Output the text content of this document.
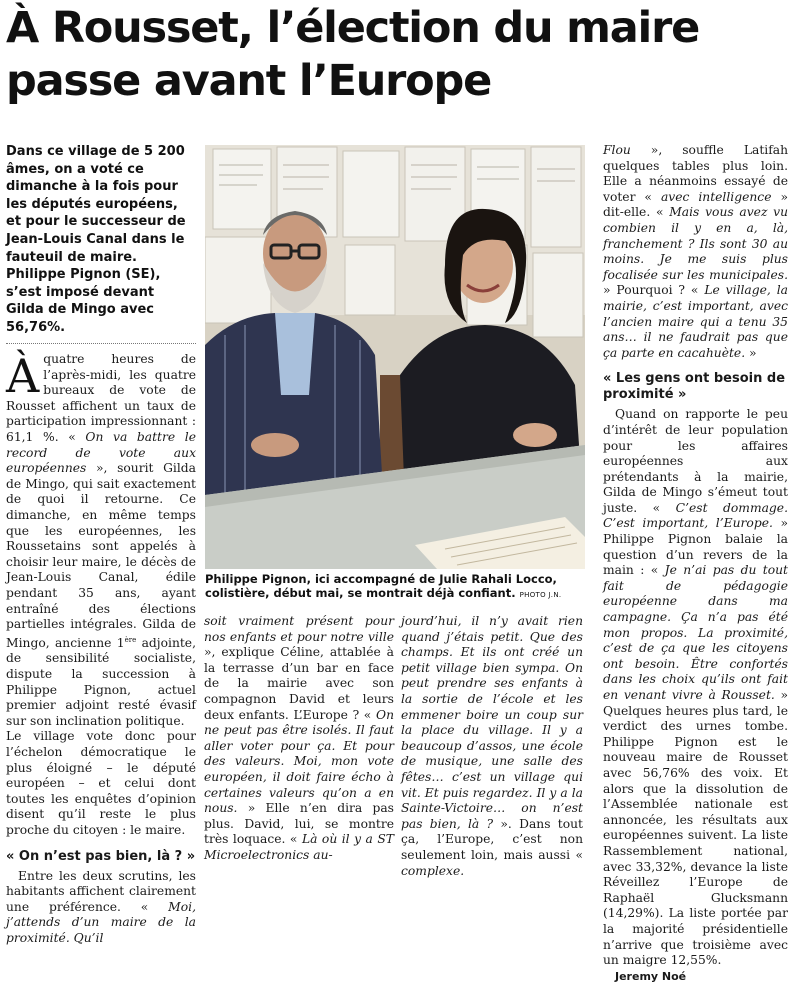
À Rousset, l’élection du maire
passe avant l’Europe
Dans ce village de 5 200 âmes, on a voté ce dimanche à la fois pour les députés européens, et pour le successeur de Jean-Louis Canal dans le fauteuil de maire. Philippe Pignon (SE), s’est imposé devant Gilda de Mingo avec 56,76%.

À quatre heures de l’après-midi, les quatre bureaux de vote de Rousset affichent un taux de participation impressionnant : 61,1 %. « On va battre le record de vote aux européennes », sourit Gilda de Mingo, qui sait exactement de quoi il retourne. Ce dimanche, en même temps que les européennes, les Roussetains sont appelés à choisir leur maire, le décès de Jean-Louis Canal, édile pendant 35 ans, ayant entraîné des élections partielles intégrales. Gilda de Mingo, ancienne 1ère adjointe, de sensibilité socialiste, dispute la succession à Philippe Pignon, actuel premier adjoint resté évasif sur son inclination politique.

Le village vote donc pour l’échelon démocratique le plus éloigné – le député européen – et celui dont toutes les enquêtes d’opinion disent qu’il reste le plus proche du citoyen : le maire.

« On n’est pas bien, là ? »

Entre les deux scrutins, les habitants affichent clairement une préférence. « Moi, j’attends d’un maire de la proximité. Qu’il

Philippe Pignon, ici accompagné de Julie Rahali Locco, colistière, début mai, se montrait déjà confiant. PHOTO J.N.

soit vraiment présent pour nos enfants et pour notre ville », explique Céline, attablée à la terrasse d’un bar en face de la mairie avec son compagnon David et leurs deux enfants. L’Europe ? « On ne peut pas être isolés. Il faut aller voter pour ça. Et pour des valeurs. Moi, mon vote européen, il doit faire écho à certaines valeurs qu’on a en nous. » Elle n’en dira pas plus. David, lui, se montre très loquace. « Là où il y a ST Microelectronics au-

jourd’hui, il n’y avait rien quand j’étais petit. Que des champs. Et ils ont créé un petit village bien sympa. On peut prendre ses enfants à la sortie de l’école et les emmener boire un coup sur la place du village. Il y a beaucoup d’assos, une école de musique, une salle des fêtes… c’est un village qui vit. Et puis regardez. Il y a la Sainte-Victoire… on n’est pas bien, là ? ». Dans tout ça, l’Europe, c’est non seulement loin, mais aussi « complexe.

Flou », souffle Latifah quelques tables plus loin. Elle a néanmoins essayé de voter « avec intelligence » dit-elle. « Mais vous avez vu combien il y en a, là, franchement ? Ils sont 30 au moins. Je me suis plus focalisée sur les municipales. » Pourquoi ? « Le village, la mairie, c’est important, avec l’ancien maire qui a tenu 35 ans… il ne faudrait pas que ça parte en cacahuète. »

« Les gens ont besoin de proximité »

Quand on rapporte le peu d’intérêt de leur population pour les affaires européennes aux prétendants à la mairie, Gilda de Mingo s’émeut tout juste. « C’est dommage. C’est important, l’Europe. » Philippe Pignon balaie la question d’un revers de la main : « Je n’ai pas du tout fait de pédagogie européenne dans ma campagne. Ça n’a pas été mon propos. La proximité, c’est de ça que les citoyens ont besoin. Être confortés dans les choix qu’ils ont fait en venant vivre à Rousset. » Quelques heures plus tard, le verdict des urnes tombe. Philippe Pignon est le nouveau maire de Rousset avec 56,76% des voix. Et alors que la dissolution de l’Assemblée nationale est annoncée, les résultats aux européennes suivent. La liste Rassemblement national, avec 33,32%, devance la liste Réveillez l’Europe de Raphaël Glucksmann (14,29%). La liste portée par la majorité présidentielle n’arrive que troisième avec un maigre 12,55%.

Jeremy Noé
